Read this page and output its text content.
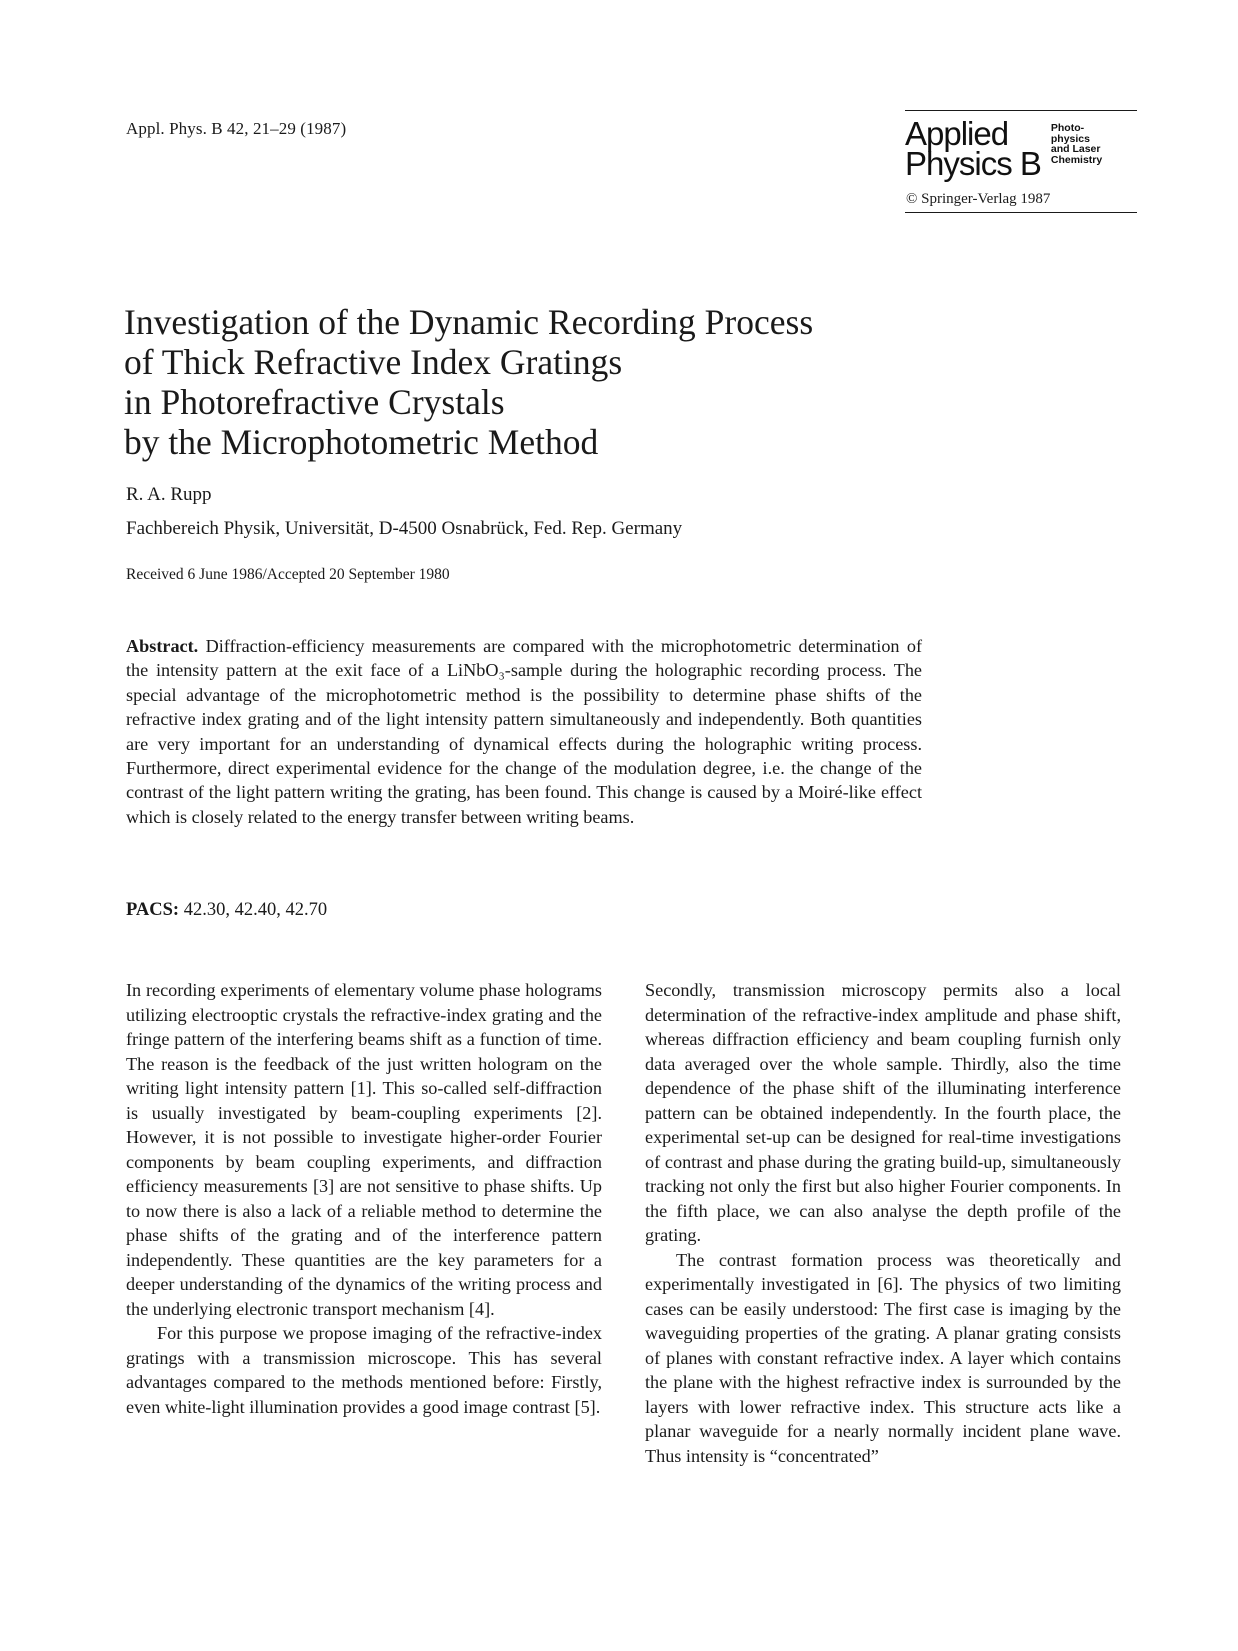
Appl. Phys. B 42, 21–29 (1987)	Applied
Physics B
Photo-
physics
and Laser
Chemistry
© Springer-Verlag 1987
Investigation of the Dynamic Recording Process
of Thick Refractive Index Gratings
in Photorefractive Crystals
by the Microphotometric Method
R. A. Rupp
Fachbereich Physik, Universität, D-4500 Osnabrück, Fed. Rep. Germany
Received 6 June 1986/Accepted 20 September 1980

Abstract. Diffraction-efficiency measurements are compared with the microphotometric determination of the intensity pattern at the exit face of a LiNbO₃-sample during the holographic recording process. The special advantage of the microphotometric method is the possibility to determine phase shifts of the refractive index grating and of the light intensity pattern simultaneously and independently. Both quantities are very important for an understanding of dynamical effects during the holographic writing process. Furthermore, direct experimental evidence for the change of the modulation degree, i.e. the change of the contrast of the light pattern writing the grating, has been found. This change is caused by a Moiré-like effect which is closely related to the energy transfer between writing beams.

PACS: 42.30, 42.40, 42.70

In recording experiments of elementary volume phase holograms utilizing electrooptic crystals the refractive-index grating and the fringe pattern of the interfering beams shift as a function of time. The reason is the feedback of the just written hologram on the writing light intensity pattern [1]. This so-called self-diffraction is usually investigated by beam-coupling experiments [2]. However, it is not possible to investigate higher-order Fourier components by beam coupling experiments, and diffraction efficiency measurements [3] are not sensitive to phase shifts. Up to now there is also a lack of a reliable method to determine the phase shifts of the grating and of the interference pattern independently. These quantities are the key parameters for a deeper understanding of the dynamics of the writing process and the underlying electronic transport mechanism [4].

For this purpose we propose imaging of the refractive-index gratings with a transmission microscope. This has several advantages compared to the methods mentioned before: Firstly, even white-light illumination provides a good image contrast [5].

Secondly, transmission microscopy permits also a local determination of the refractive-index amplitude and phase shift, whereas diffraction efficiency and beam coupling furnish only data averaged over the whole sample. Thirdly, also the time dependence of the phase shift of the illuminating interference pattern can be obtained independently. In the fourth place, the experimental set-up can be designed for real-time investigations of contrast and phase during the grating build-up, simultaneously tracking not only the first but also higher Fourier components. In the fifth place, we can also analyse the depth profile of the grating.

The contrast formation process was theoretically and experimentally investigated in [6]. The physics of two limiting cases can be easily understood: The first case is imaging by the waveguiding properties of the grating. A planar grating consists of planes with constant refractive index. A layer which contains the plane with the highest refractive index is surrounded by the layers with lower refractive index. This structure acts like a planar waveguide for a nearly normally incident plane wave. Thus intensity is “concentrated”
